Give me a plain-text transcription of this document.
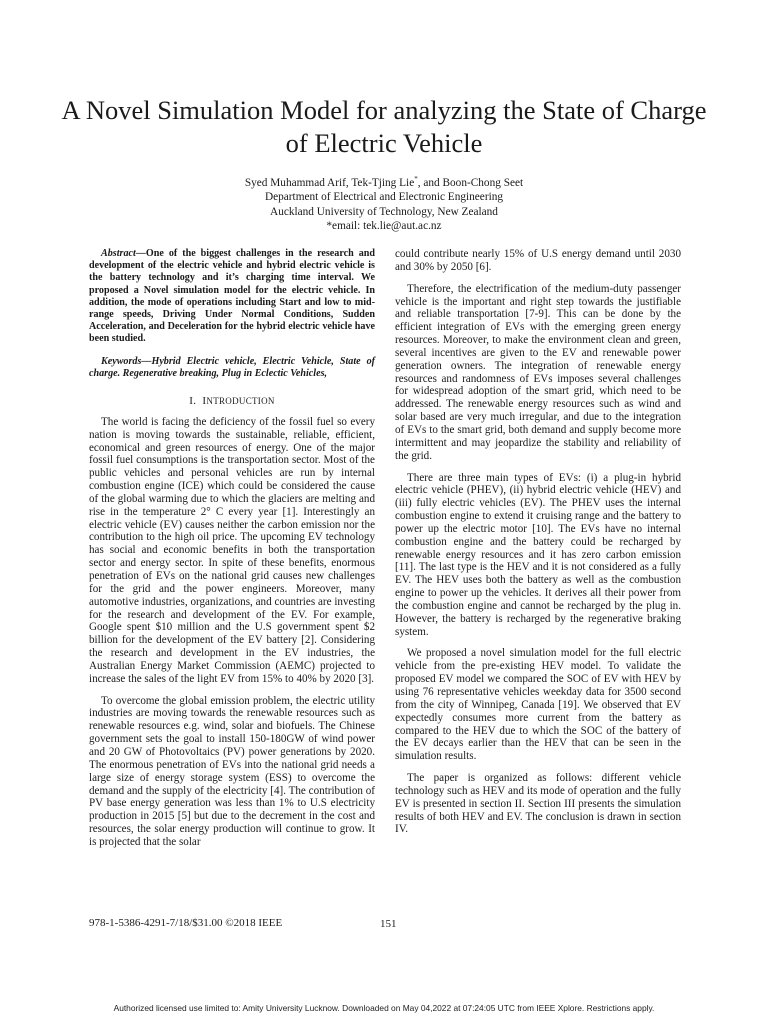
A Novel Simulation Model for analyzing the State of Charge of Electric Vehicle
Syed Muhammad Arif, Tek-Tjing Lie*, and Boon-Chong Seet
Department of Electrical and Electronic Engineering
Auckland University of Technology, New Zealand
*email: tek.lie@aut.ac.nz

Abstract—One of the biggest challenges in the research and development of the electric vehicle and hybrid electric vehicle is the battery technology and it’s charging time interval. We proposed a Novel simulation model for the electric vehicle. In addition, the mode of operations including Start and low to mid-range speeds, Driving Under Normal Conditions, Sudden Acceleration, and Deceleration for the hybrid electric vehicle have been studied.

Keywords—Hybrid Electric vehicle, Electric Vehicle, State of charge. Regenerative breaking, Plug in Eclectic Vehicles,

I. INTRODUCTION

The world is facing the deficiency of the fossil fuel so every nation is moving towards the sustainable, reliable, efficient, economical and green resources of energy. One of the major fossil fuel consumptions is the transportation sector. Most of the public vehicles and personal vehicles are run by internal combustion engine (ICE) which could be considered the cause of the global warming due to which the glaciers are melting and rise in the temperature 2° C every year [1]. Interestingly an electric vehicle (EV) causes neither the carbon emission nor the contribution to the high oil price. The upcoming EV technology has social and economic benefits in both the transportation sector and energy sector. In spite of these benefits, enormous penetration of EVs on the national grid causes new challenges for the grid and the power engineers. Moreover, many automotive industries, organizations, and countries are investing for the research and development of the EV. For example, Google spent $10 million and the U.S government spent $2 billion for the development of the EV battery [2]. Considering the research and development in the EV industries, the Australian Energy Market Commission (AEMC) projected to increase the sales of the light EV from 15% to 40% by 2020 [3].

To overcome the global emission problem, the electric utility industries are moving towards the renewable resources such as renewable resources e.g. wind, solar and biofuels. The Chinese government sets the goal to install 150-180GW of wind power and 20 GW of Photovoltaics (PV) power generations by 2020. The enormous penetration of EVs into the national grid needs a large size of energy storage system (ESS) to overcome the demand and the supply of the electricity [4]. The contribution of PV base energy generation was less than 1% to U.S electricity production in 2015 [5] but due to the decrement in the cost and resources, the solar energy production will continue to grow. It is projected that the solar

could contribute nearly 15% of U.S energy demand until 2030 and 30% by 2050 [6].

Therefore, the electrification of the medium-duty passenger vehicle is the important and right step towards the justifiable and reliable transportation [7-9]. This can be done by the efficient integration of EVs with the emerging green energy resources. Moreover, to make the environment clean and green, several incentives are given to the EV and renewable power generation owners. The integration of renewable energy resources and randomness of EVs imposes several challenges for widespread adoption of the smart grid, which need to be addressed. The renewable energy resources such as wind and solar based are very much irregular, and due to the integration of EVs to the smart grid, both demand and supply become more intermittent and may jeopardize the stability and reliability of the grid.

There are three main types of EVs: (i) a plug-in hybrid electric vehicle (PHEV), (ii) hybrid electric vehicle (HEV) and (iii) fully electric vehicles (EV). The PHEV uses the internal combustion engine to extend it cruising range and the battery to power up the electric motor [10]. The EVs have no internal combustion engine and the battery could be recharged by renewable energy resources and it has zero carbon emission [11]. The last type is the HEV and it is not considered as a fully EV. The HEV uses both the battery as well as the combustion engine to power up the vehicles. It derives all their power from the combustion engine and cannot be recharged by the plug in. However, the battery is recharged by the regenerative braking system.

We proposed a novel simulation model for the full electric vehicle from the pre-existing HEV model. To validate the proposed EV model we compared the SOC of EV with HEV by using 76 representative vehicles weekday data for 3500 second from the city of Winnipeg, Canada [19]. We observed that EV expectedly consumes more current from the battery as compared to the HEV due to which the SOC of the battery of the EV decays earlier than the HEV that can be seen in the simulation results.

The paper is organized as follows: different vehicle technology such as HEV and its mode of operation and the fully EV is presented in section II. Section III presents the simulation results of both HEV and EV. The conclusion is drawn in section IV.

978-1-5386-4291-7/18/$31.00 ©2018 IEEE	151
Authorized licensed use limited to: Amity University Lucknow. Downloaded on May 04,2022 at 07:24:05 UTC from IEEE Xplore. Restrictions apply.
